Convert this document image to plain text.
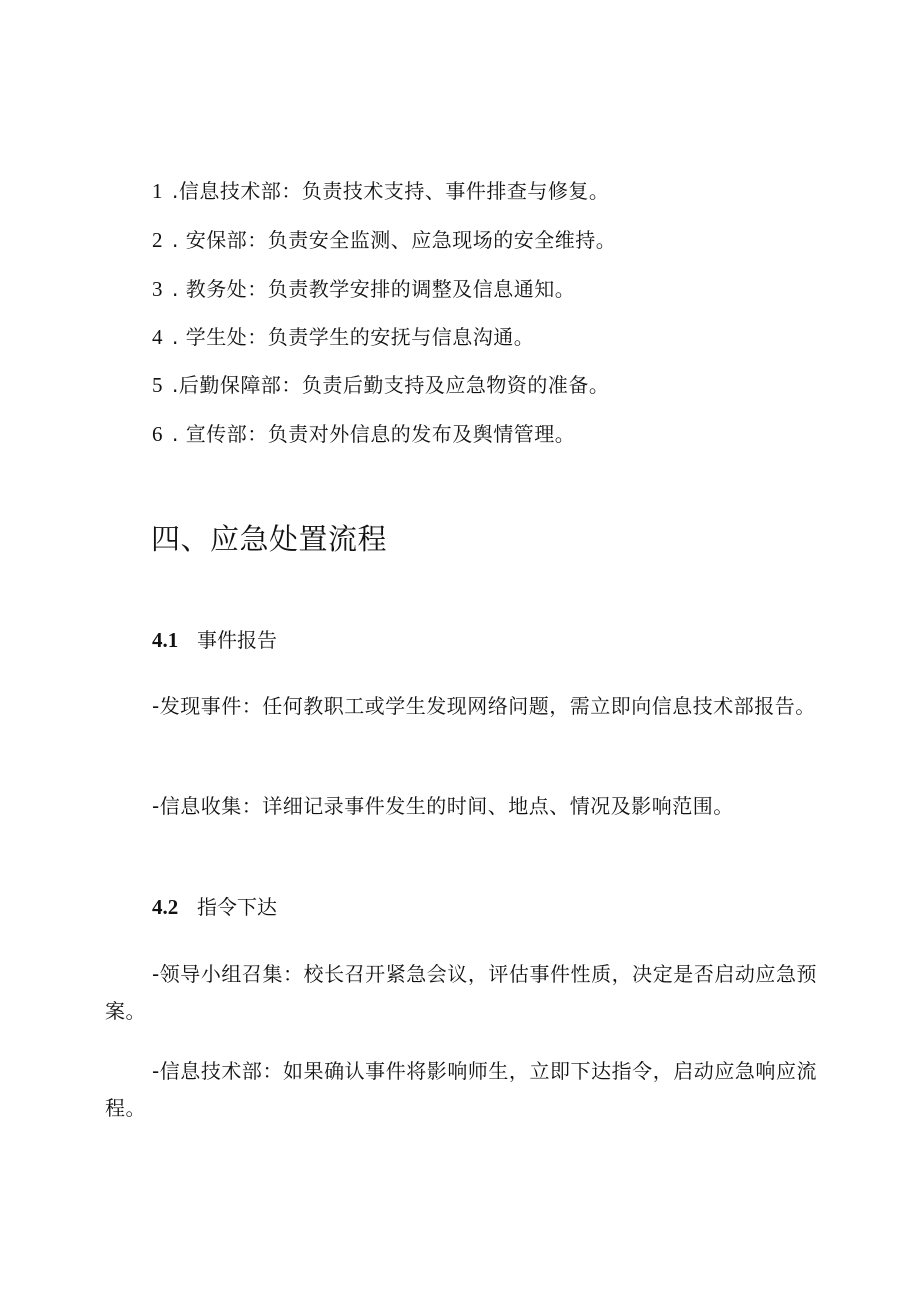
1 .信息技术部：负责技术支持、事件排查与修复。
2 . 安保部：负责安全监测、应急现场的安全维持。
3 . 教务处：负责教学安排的调整及信息通知。
4 . 学生处：负责学生的安抚与信息沟通。
5 .后勤保障部：负责后勤支持及应急物资的准备。
6 . 宣传部：负责对外信息的发布及舆情管理。
四、应急处置流程
4.1 事件报告
-发现事件：任何教职工或学生发现网络问题，需立即向信息技术部报告。
-信息收集：详细记录事件发生的时间、地点、情况及影响范围。
4.2 指令下达
-领导小组召集：校长召开紧急会议，评估事件性质，决定是否启动应急预案。
-信息技术部：如果确认事件将影响师生，立即下达指令，启动应急响应流程。
